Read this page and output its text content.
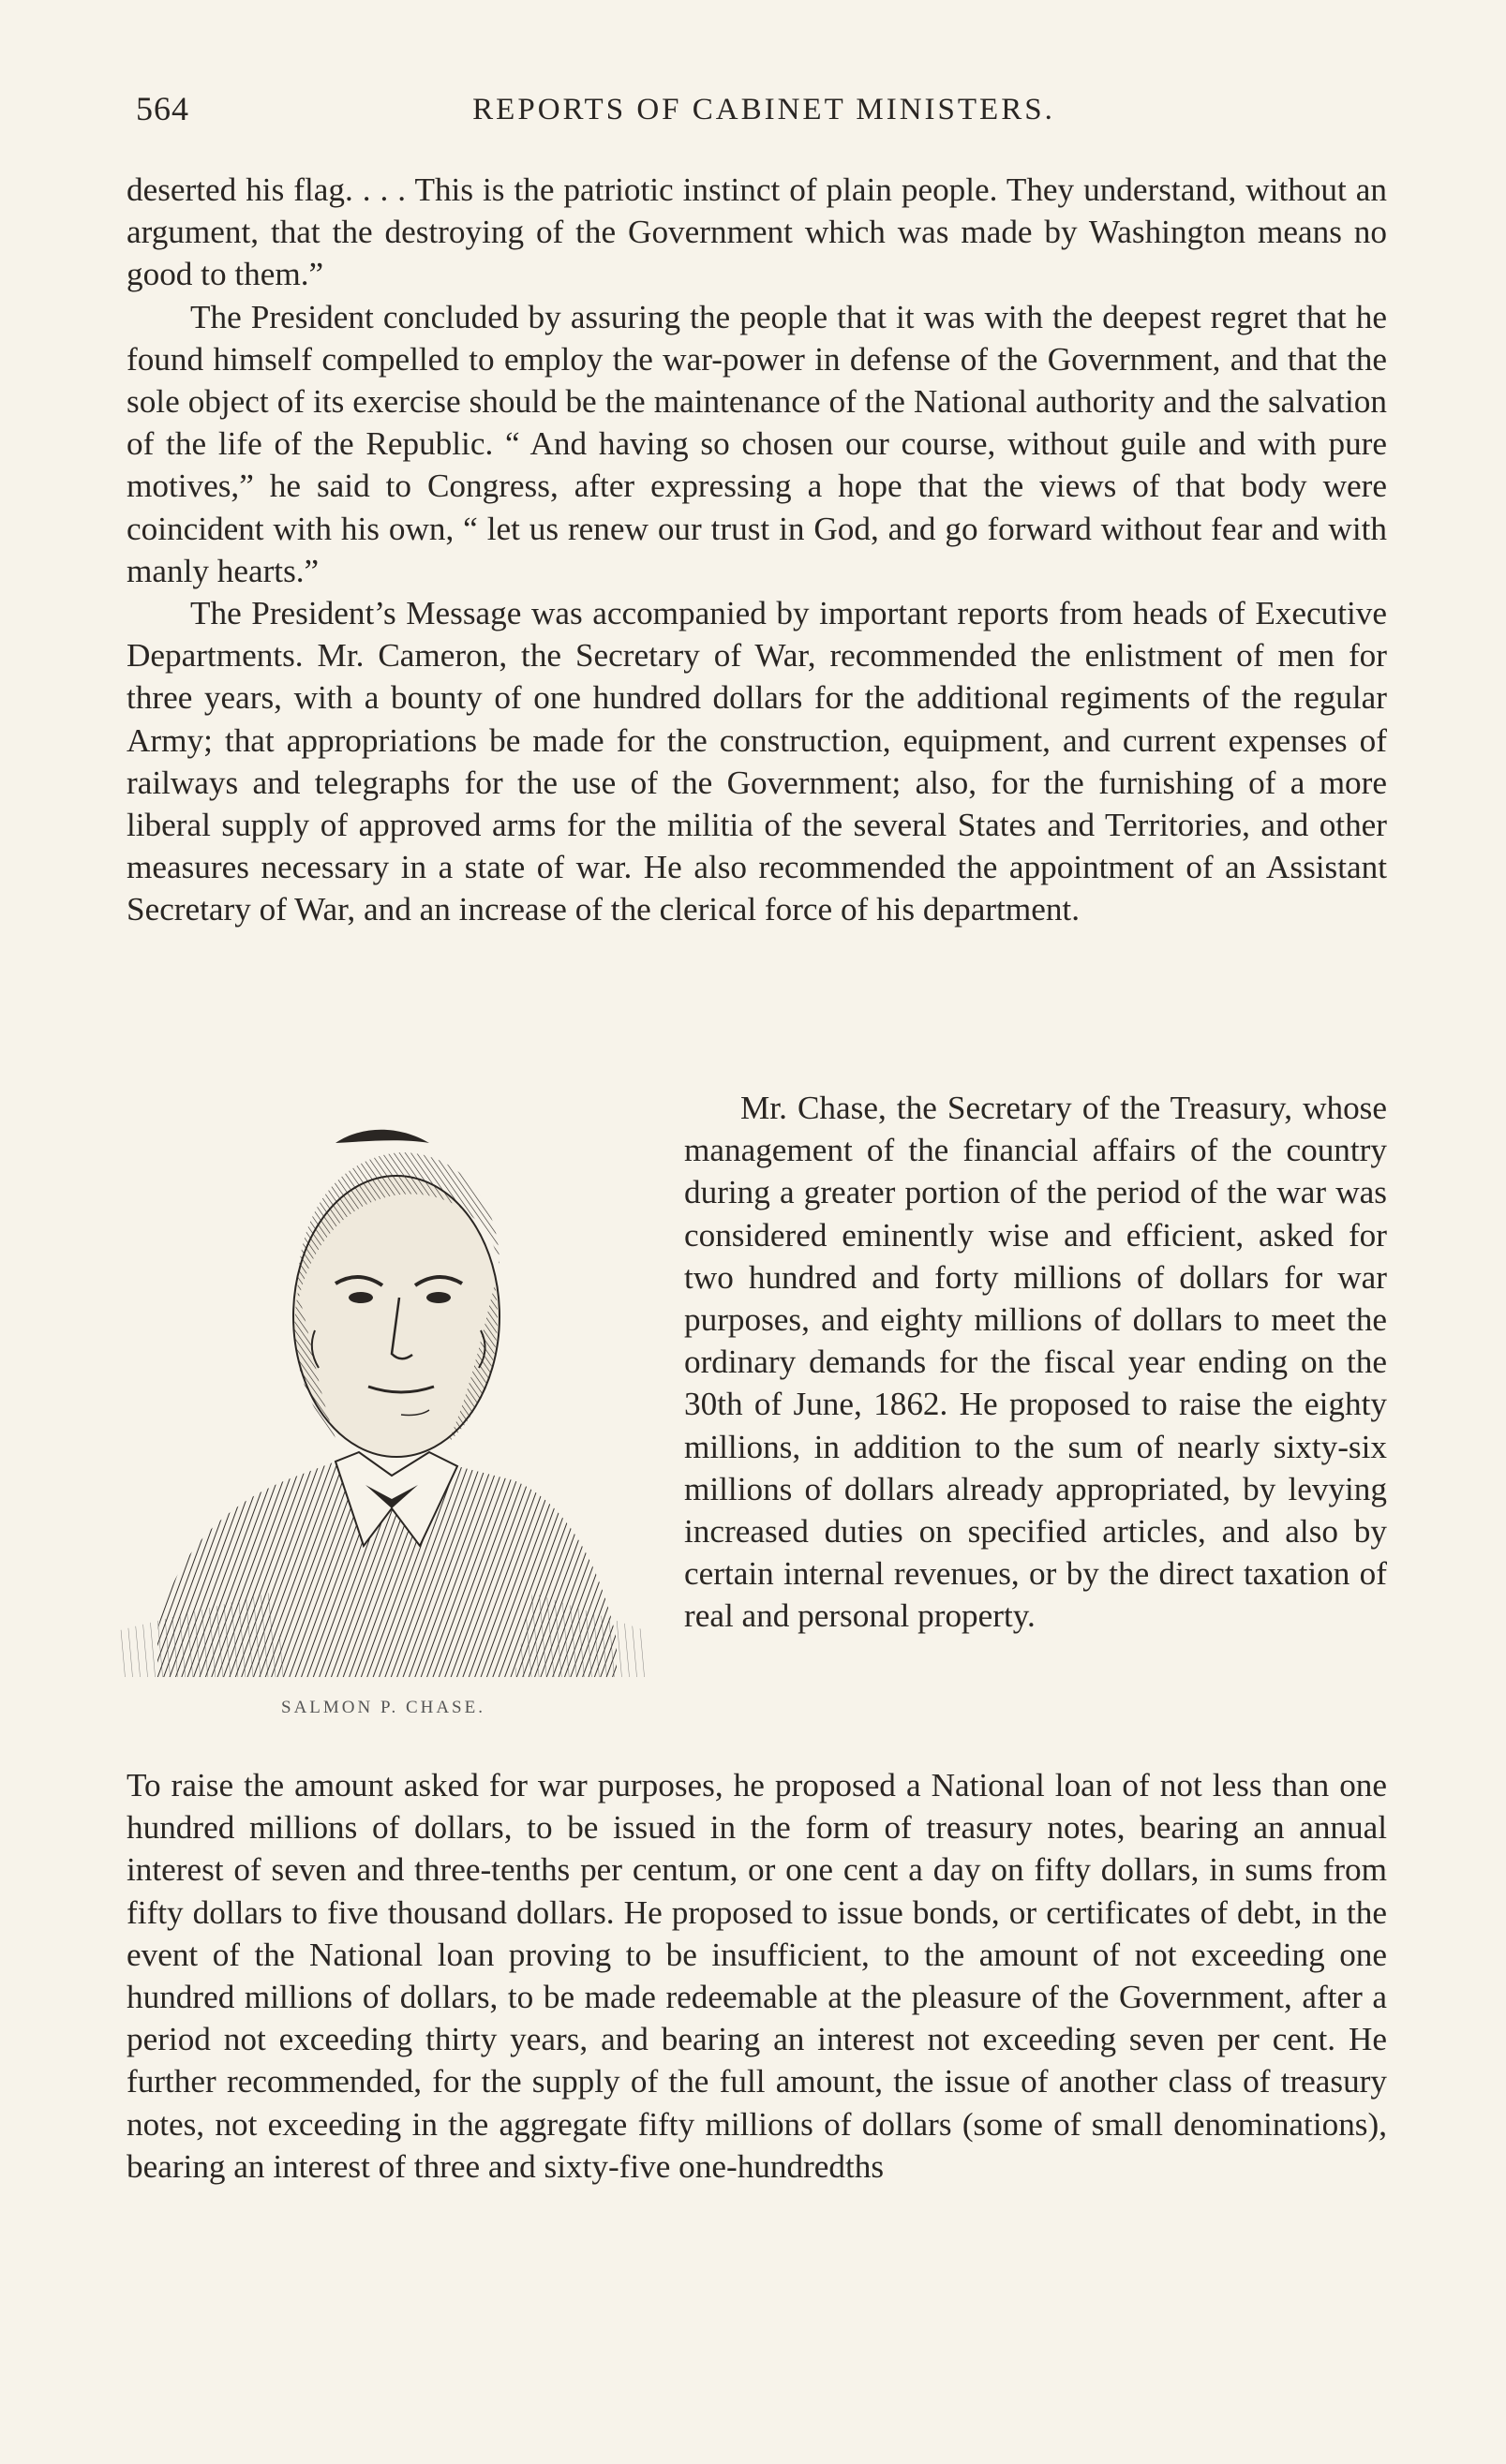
564	REPORTS OF CABINET MINISTERS.

deserted his flag. . . . This is the patriotic instinct of plain people. They understand, without an argument, that the destroying of the Government which was made by Washington means no good to them.”

The President concluded by assuring the people that it was with the deepest regret that he found himself compelled to employ the war-power in defense of the Government, and that the sole object of its exercise should be the maintenance of the National authority and the salvation of the life of the Republic. “ And having so chosen our course, without guile and with pure motives,” he said to Congress, after expressing a hope that the views of that body were coincident with his own, “ let us renew our trust in God, and go forward without fear and with manly hearts.”

The President’s Message was accompanied by important reports from heads of Executive Departments. Mr. Cameron, the Secretary of War, recommended the enlistment of men for three years, with a bounty of one hundred dollars for the additional regiments of the regular Army; that appropriations be made for the construction, equipment, and current expenses of railways and telegraphs for the use of the Government; also, for the furnishing of a more liberal supply of approved arms for the militia of the several States and Territories, and other measures necessary in a state of war. He also recommended the appointment of an Assistant Secretary of War, and an increase of the clerical force of his department.

SALMON P. CHASE.

Mr. Chase, the Secretary of the Treasury, whose management of the financial affairs of the country during a greater portion of the period of the war was considered eminently wise and efficient, asked for two hundred and forty millions of dollars for war purposes, and eighty millions of dollars to meet the ordinary demands for the fiscal year ending on the 30th of June, 1862. He proposed to raise the eighty millions, in addition to the sum of nearly sixty-six millions of dollars already appropriated, by levying increased duties on specified articles, and also by certain internal revenues, or by the direct taxation of real and personal property.

To raise the amount asked for war purposes, he proposed a National loan of not less than one hundred millions of dollars, to be issued in the form of treasury notes, bearing an annual interest of seven and three-tenths per centum, or one cent a day on fifty dollars, in sums from fifty dollars to five thousand dollars. He proposed to issue bonds, or certificates of debt, in the event of the National loan proving to be insufficient, to the amount of not exceeding one hundred millions of dollars, to be made redeemable at the pleasure of the Government, after a period not exceeding thirty years, and bearing an interest not exceeding seven per cent. He further recommended, for the supply of the full amount, the issue of another class of treasury notes, not exceeding in the aggregate fifty millions of dollars (some of small denominations), bearing an interest of three and sixty-five one-hundredths
